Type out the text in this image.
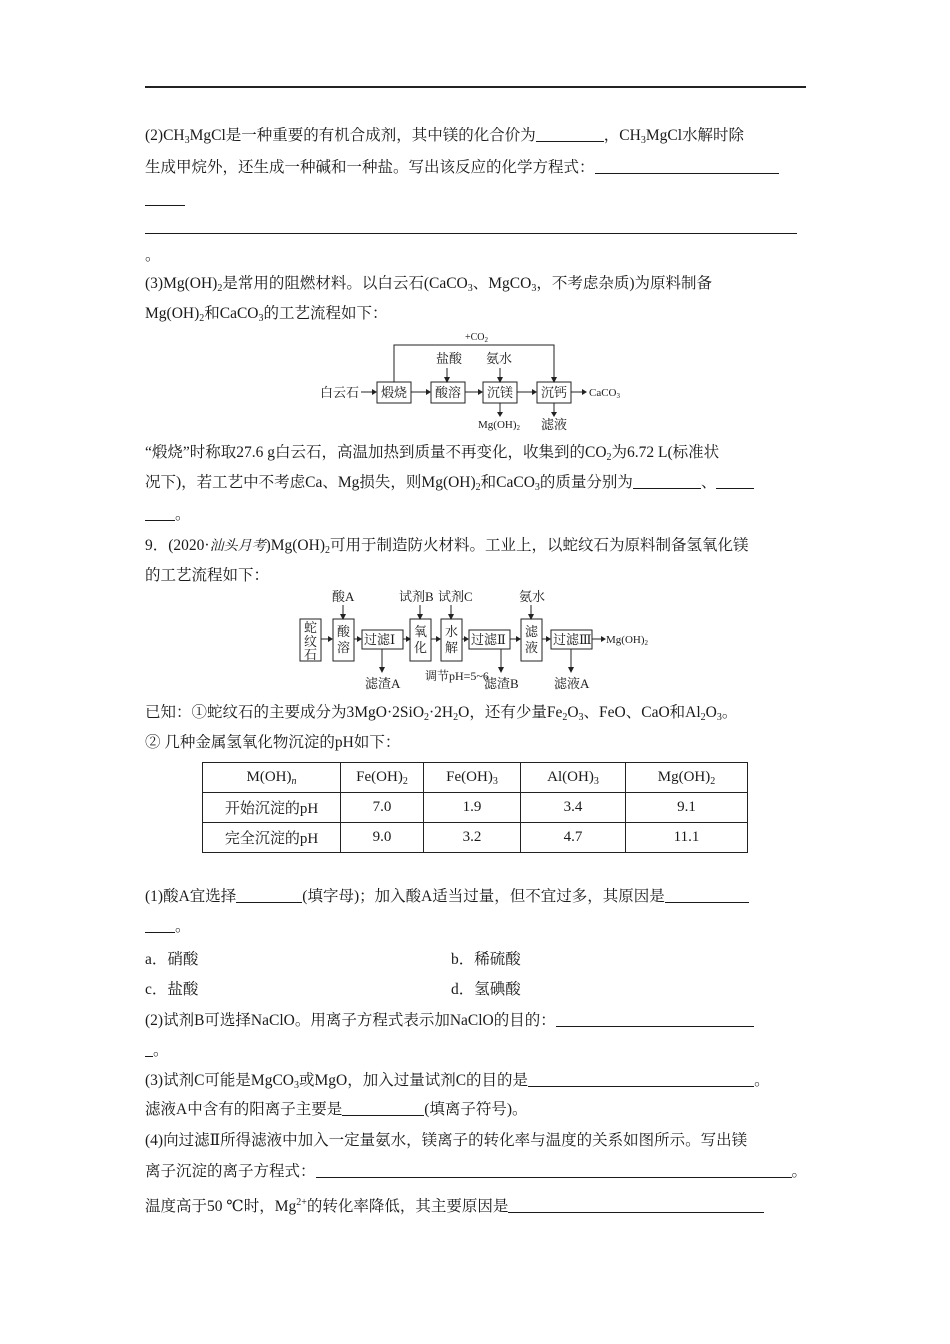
$(2)CH_3MgCl$是一种重要的有机合成剂，其中镁的化合价为	，$CH_3MgCl$水解时除
生成甲烷外，还生成一种碱和一种盐。写出该反应的化学方程式：
。
$(3)Mg(OH)_2$是常用的阻燃材料。以白云石(CaCO$_3$、MgCO$_3$，不考虑杂质)为原料制备
$Mg(OH)_2$和CaCO$_3$的工艺流程如下：
$+CO_2$
盐酸 氨水
白云石 煅烧 酸溶 沉镁 沉钙 CaCO3
Mg(OH)2 滤液
“煅烧”时称取27.6 g白云石，高温加热到质量不再变化，收集到的$CO_2$为6.72 L(标准状
况下)，若工艺中不考虑Ca、Mg损失，则$Mg(OH)_2$和CaCO$_3$的质量分别为	、
。
9．(2020·汕头月考)$Mg(OH)_2$可用于制造防火材料。工业上，以蛇纹石为原料制备氢氧化镁
的工艺流程如下：
蛇
纹
石
酸A
酸
溶
过滤Ⅰ
滤渣A
试剂B
氧
化
试剂C
水
解
调节pH=5~6
过滤Ⅱ
滤渣B
氨水
滤
液
过滤Ⅲ
滤液A
Mg(OH)2
已知：①蛇纹石的主要成分为$3MgO\cdot 2SiO_2\cdot 2H_2O$，还有少量$Fe_2O_3$、FeO、CaO和$Al_2O_3$。
② 几种金属氢氧化物沉淀的pH如下：
$M(OH)_n$	$Fe(OH)_2$	$Fe(OH)_3$	$Al(OH)_3$	$Mg(OH)_2$
开始沉淀的pH	7.0	1.9	3.4	9.1
完全沉淀的pH	9.0	3.2	4.7	11.1
(1)酸A宜选择	(填字母)；加入酸A适当过量，但不宜过多，其原因是
。
a．硝酸	b．稀硫酸
c．盐酸	d．氢碘酸
(2)试剂B可选择NaClO。用离子方程式表示加NaClO的目的：
。
(3)试剂C可能是MgCO$_3$或MgO，加入过量试剂C的目的是	。
滤液A中含有的阳离子主要是	(填离子符号)。
(4)向过滤Ⅱ所得滤液中加入一定量氨水，镁离子的转化率与温度的关系如图所示。写出镁
离子沉淀的离子方程式：	。
温度高于50 ℃时，$Mg^{2+}$的转化率降低，其主要原因是
